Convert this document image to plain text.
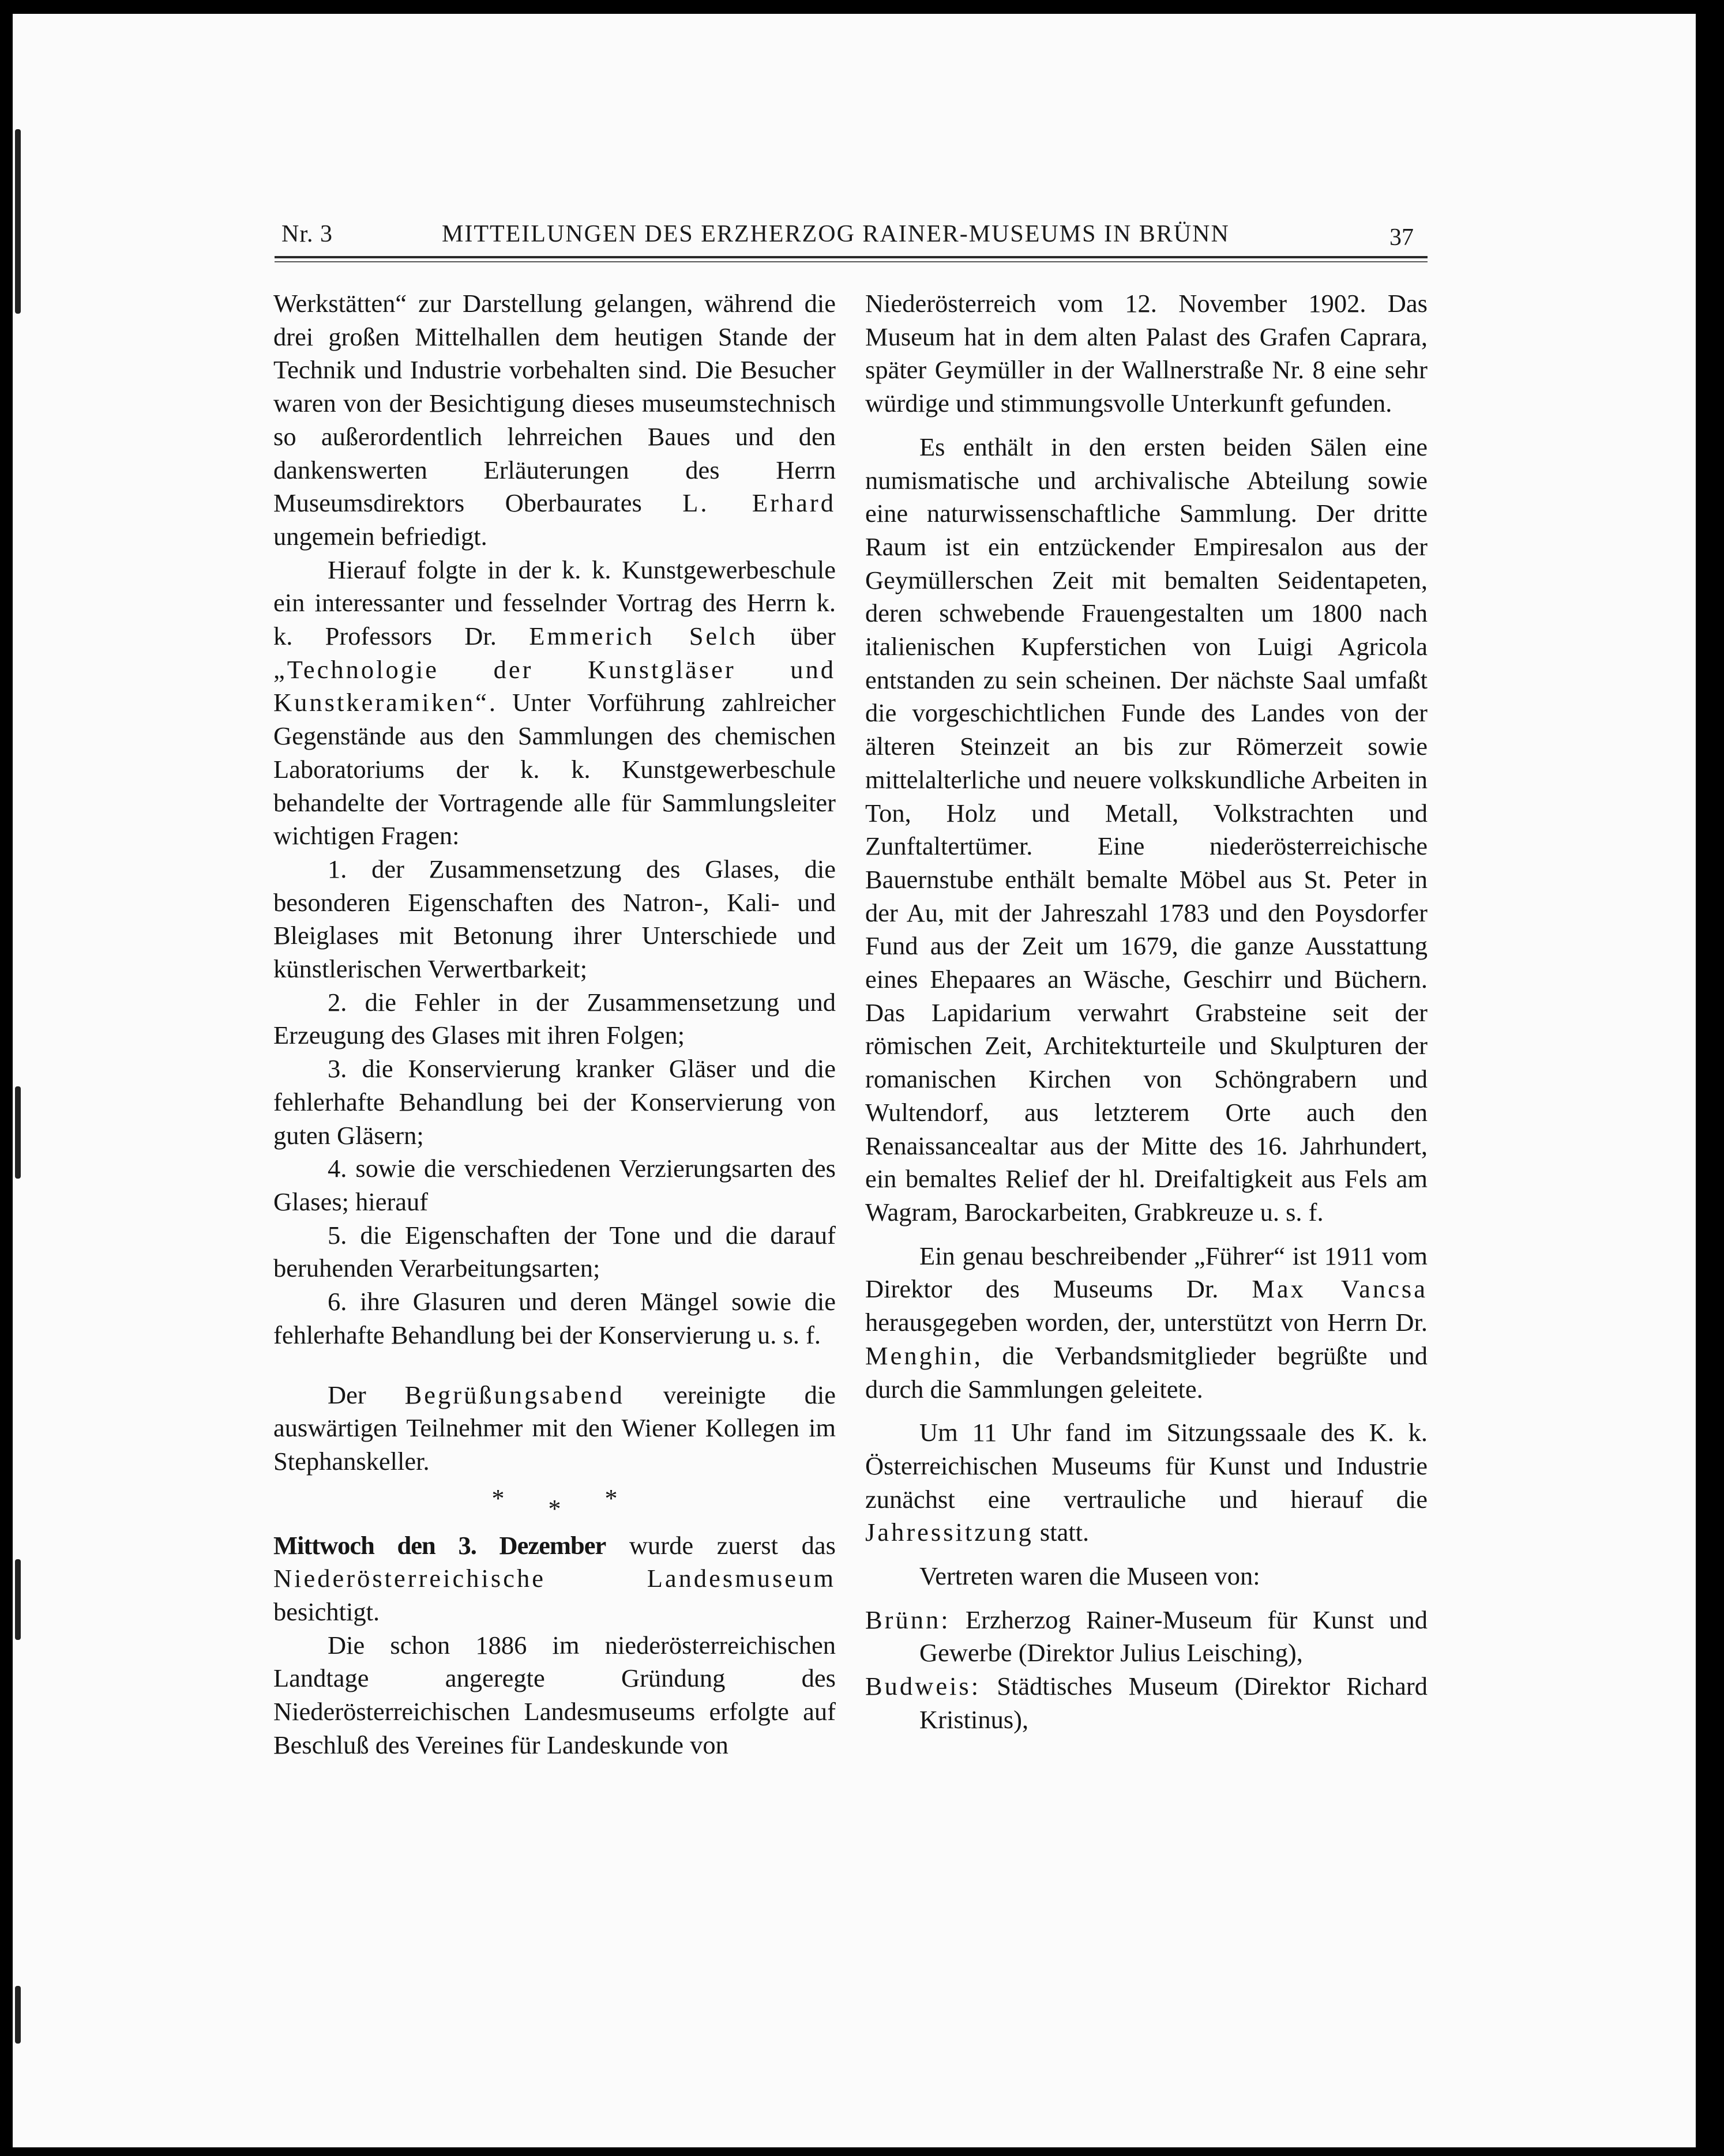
Nr. 3	MITTEILUNGEN DES ERZHERZOG RAINER-MUSEUMS IN BRÜNN	37

Werkstätten“ zur Darstellung gelangen, während die drei großen Mittelhallen dem heutigen Stande der Technik und Industrie vorbehalten sind. Die Besucher waren von der Besichtigung dieses museumstechnisch so außerordentlich lehrreichen Baues und den dankenswerten Erläuterungen des Herrn Museumsdirektors Oberbaurates L. Erhard ungemein befriedigt.

Hierauf folgte in der k. k. Kunstgewerbeschule ein interessanter und fesselnder Vortrag des Herrn k. k. Professors Dr. Emmerich Selch über „Technologie der Kunstgläser und Kunstkeramiken“. Unter Vorführung zahlreicher Gegenstände aus den Sammlungen des chemischen Laboratoriums der k. k. Kunstgewerbeschule behandelte der Vortragende alle für Sammlungsleiter wichtigen Fragen:

1. der Zusammensetzung des Glases, die besonderen Eigenschaften des Natron-, Kali- und Bleiglases mit Betonung ihrer Unterschiede und künstlerischen Verwertbarkeit;

2. die Fehler in der Zusammensetzung und Erzeugung des Glases mit ihren Folgen;

3. die Konservierung kranker Gläser und die fehlerhafte Behandlung bei der Konservierung von guten Gläsern;

4. sowie die verschiedenen Verzierungsarten des Glases; hierauf

5. die Eigenschaften der Tone und die darauf beruhenden Verarbeitungsarten;

6. ihre Glasuren und deren Mängel sowie die fehlerhafte Behandlung bei der Konservierung u. s. f.

Der Begrüßungsabend vereinigte die auswärtigen Teilnehmer mit den Wiener Kollegen im Stephanskeller.

* * *

Mittwoch den 3. Dezember wurde zuerst das Niederösterreichische Landesmuseum besichtigt.

Die schon 1886 im niederösterreichischen Landtage angeregte Gründung des Niederösterreichischen Landesmuseums erfolgte auf Beschluß des Vereines für Landeskunde von

Niederösterreich vom 12. November 1902. Das Museum hat in dem alten Palast des Grafen Caprara, später Geymüller in der Wallnerstraße Nr. 8 eine sehr würdige und stimmungsvolle Unterkunft gefunden.

Es enthält in den ersten beiden Sälen eine numismatische und archivalische Abteilung sowie eine naturwissenschaftliche Sammlung. Der dritte Raum ist ein entzückender Empiresalon aus der Geymüllerschen Zeit mit bemalten Seidentapeten, deren schwebende Frauengestalten um 1800 nach italienischen Kupferstichen von Luigi Agricola entstanden zu sein scheinen. Der nächste Saal umfaßt die vorgeschichtlichen Funde des Landes von der älteren Steinzeit an bis zur Römerzeit sowie mittelalterliche und neuere volkskundliche Arbeiten in Ton, Holz und Metall, Volkstrachten und Zunftaltertümer. Eine niederösterreichische Bauernstube enthält bemalte Möbel aus St. Peter in der Au, mit der Jahreszahl 1783 und den Poysdorfer Fund aus der Zeit um 1679, die ganze Ausstattung eines Ehepaares an Wäsche, Geschirr und Büchern. Das Lapidarium verwahrt Grabsteine seit der römischen Zeit, Architekturteile und Skulpturen der romanischen Kirchen von Schöngrabern und Wultendorf, aus letzterem Orte auch den Renaissancealtar aus der Mitte des 16. Jahrhundert, ein bemaltes Relief der hl. Dreifaltigkeit aus Fels am Wagram, Barockarbeiten, Grabkreuze u. s. f.

Ein genau beschreibender „Führer“ ist 1911 vom Direktor des Museums Dr. Max Vancsa herausgegeben worden, der, unterstützt von Herrn Dr. Menghin, die Verbandsmitglieder begrüßte und durch die Sammlungen geleitete.

Um 11 Uhr fand im Sitzungssaale des K. k. Österreichischen Museums für Kunst und Industrie zunächst eine vertrauliche und hierauf die Jahressitzung statt.

Vertreten waren die Museen von:

Brünn: Erzherzog Rainer-Museum für Kunst und Gewerbe (Direktor Julius Leisching),

Budweis: Städtisches Museum (Direktor Richard Kristinus),
